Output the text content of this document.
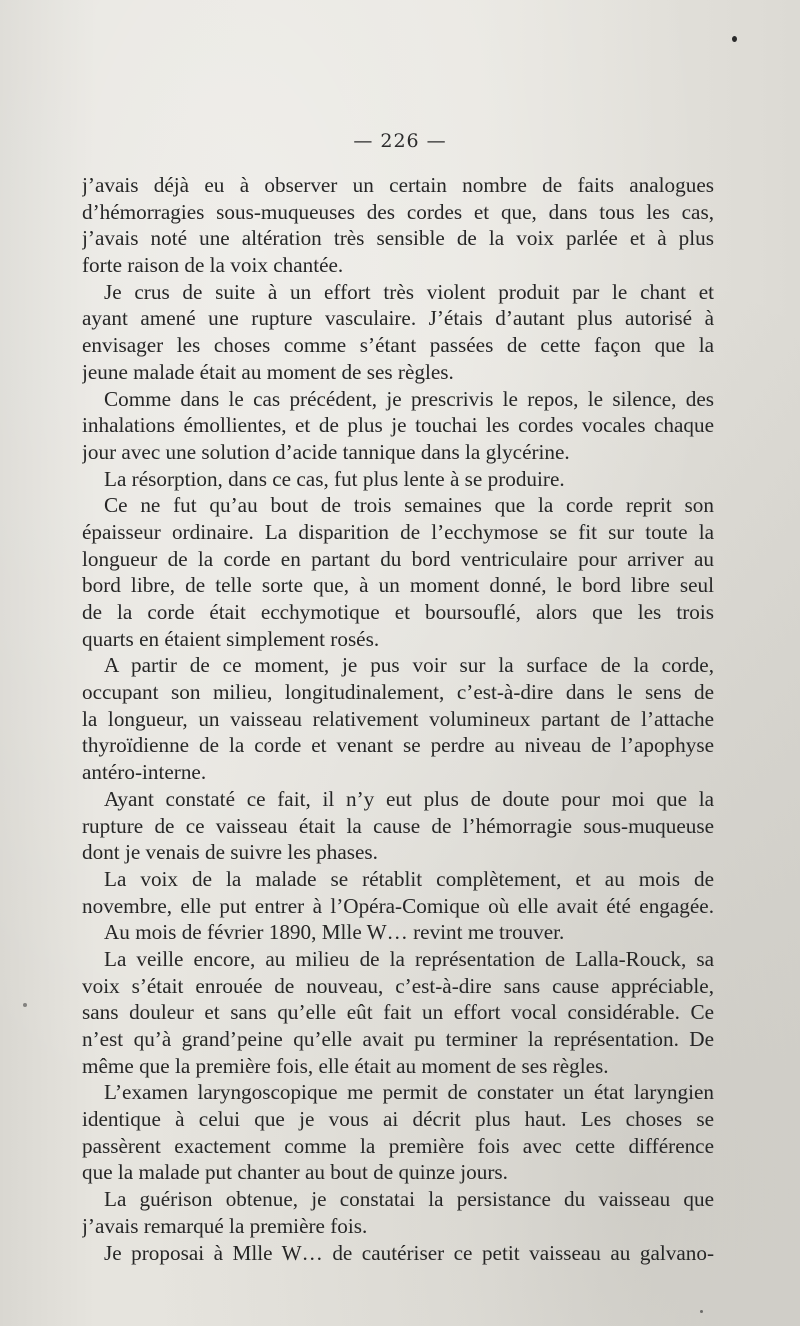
— 226 —
j’avais déjà eu à observer un certain nombre de faits analogues
d’hémorragies sous-muqueuses des cordes et que, dans tous les cas,
j’avais noté une altération très sensible de la voix parlée et à plus
forte raison de la voix chantée.
Je crus de suite à un effort très violent produit par le chant et
ayant amené une rupture vasculaire. J’étais d’autant plus autorisé à
envisager les choses comme s’étant passées de cette façon que la
jeune malade était au moment de ses règles.
Comme dans le cas précédent, je prescrivis le repos, le silence, des
inhalations émollientes, et de plus je touchai les cordes vocales chaque
jour avec une solution d’acide tannique dans la glycérine.
La résorption, dans ce cas, fut plus lente à se produire.
Ce ne fut qu’au bout de trois semaines que la corde reprit son
épaisseur ordinaire. La disparition de l’ecchymose se fit sur toute la
longueur de la corde en partant du bord ventriculaire pour arriver au
bord libre, de telle sorte que, à un moment donné, le bord libre seul
de la corde était ecchymotique et boursouflé, alors que les trois
quarts en étaient simplement rosés.
A partir de ce moment, je pus voir sur la surface de la corde,
occupant son milieu, longitudinalement, c’est-à-dire dans le sens de
la longueur, un vaisseau relativement volumineux partant de l’attache
thyroïdienne de la corde et venant se perdre au niveau de l’apophyse
antéro-interne.
Ayant constaté ce fait, il n’y eut plus de doute pour moi que la
rupture de ce vaisseau était la cause de l’hémorragie sous-muqueuse
dont je venais de suivre les phases.
La voix de la malade se rétablit complètement, et au mois de
novembre, elle put entrer à l’Opéra-Comique où elle avait été engagée.
Au mois de février 1890, Mlle W… revint me trouver.
La veille encore, au milieu de la représentation de Lalla-Rouck, sa
voix s’était enrouée de nouveau, c’est-à-dire sans cause appréciable,
sans douleur et sans qu’elle eût fait un effort vocal considérable. Ce
n’est qu’à grand’peine qu’elle avait pu terminer la représentation. De
même que la première fois, elle était au moment de ses règles.
L’examen laryngoscopique me permit de constater un état laryngien
identique à celui que je vous ai décrit plus haut. Les choses se
passèrent exactement comme la première fois avec cette différence
que la malade put chanter au bout de quinze jours.
La guérison obtenue, je constatai la persistance du vaisseau que
j’avais remarqué la première fois.
Je proposai à Mlle W… de cautériser ce petit vaisseau au galvano-
